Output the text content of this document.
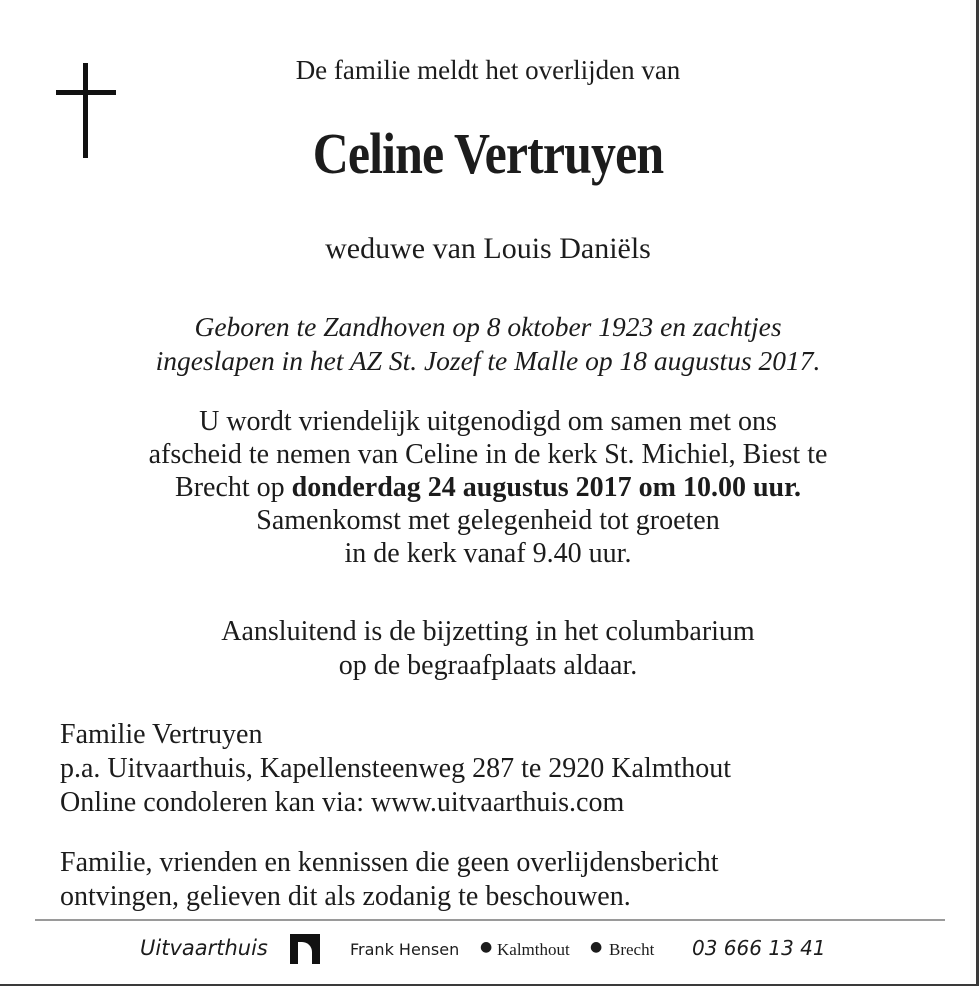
De familie meldt het overlijden van
Celine Vertruyen
weduwe van Louis Daniëls
Geboren te Zandhoven op 8 oktober 1923 en zachtjes
ingeslapen in het AZ St. Jozef te Malle op 18 augustus 2017.
U wordt vriendelijk uitgenodigd om samen met ons
afscheid te nemen van Celine in de kerk St. Michiel, Biest te
Brecht op donderdag 24 augustus 2017 om 10.00 uur.
Samenkomst met gelegenheid tot groeten
in de kerk vanaf 9.40 uur.
Aansluitend is de bijzetting in het columbarium
op de begraafplaats aldaar.
Familie Vertruyen
p.a. Uitvaarthuis, Kapellensteenweg 287 te 2920 Kalmthout
Online condoleren kan via: www.uitvaarthuis.com
Familie, vrienden en kennissen die geen overlijdensbericht
ontvingen, gelieven dit als zodanig te beschouwen.
Uitvaarthuis	Frank Hensen ● Kalmthout ● Brecht 03 666 13 41
